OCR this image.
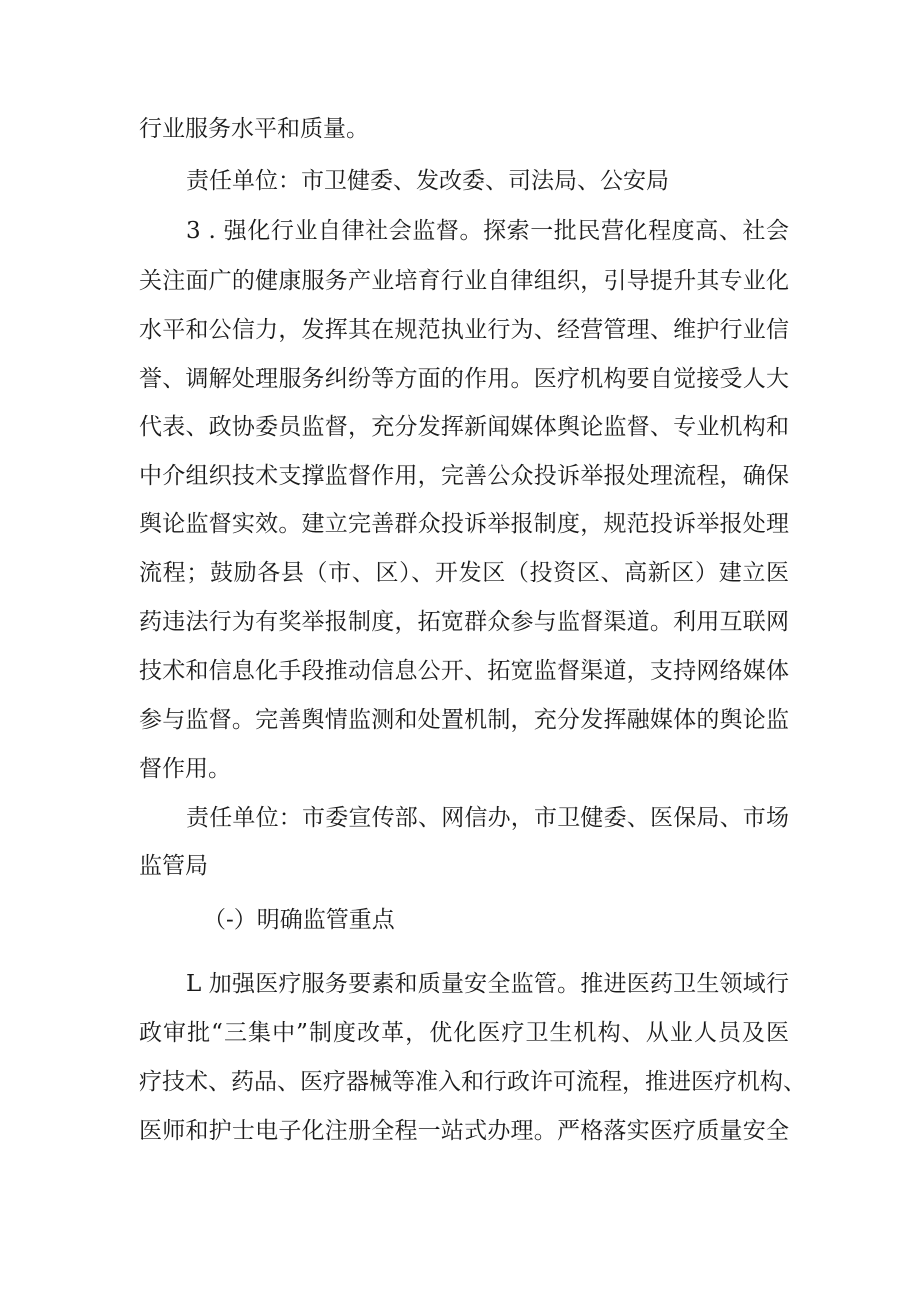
行业服务水平和质量。
责任单位：市卫健委、发改委、司法局、公安局
3 . 强化行业自律社会监督。探索一批民营化程度高、社会
关注面广的健康服务产业培育行业自律组织，引导提升其专业化
水平和公信力，发挥其在规范执业行为、经营管理、维护行业信
誉、调解处理服务纠纷等方面的作用。医疗机构要自觉接受人大
代表、政协委员监督，充分发挥新闻媒体舆论监督、专业机构和
中介组织技术支撑监督作用，完善公众投诉举报处理流程，确保
舆论监督实效。建立完善群众投诉举报制度，规范投诉举报处理
流程；鼓励各县（市、区）、开发区（投资区、高新区）建立医
药违法行为有奖举报制度，拓宽群众参与监督渠道。利用互联网
技术和信息化手段推动信息公开、拓宽监督渠道，支持网络媒体
参与监督。完善舆情监测和处置机制，充分发挥融媒体的舆论监
督作用。
责任单位：市委宣传部、网信办，市卫健委、医保局、市场
监管局
（-）明确监管重点
L 加强医疗服务要素和质量安全监管。推进医药卫生领域行
政审批“三集中”制度改革，优化医疗卫生机构、从业人员及医
疗技术、药品、医疗器械等准入和行政许可流程，推进医疗机构、
医师和护士电子化注册全程一站式办理。严格落实医疗质量安全
